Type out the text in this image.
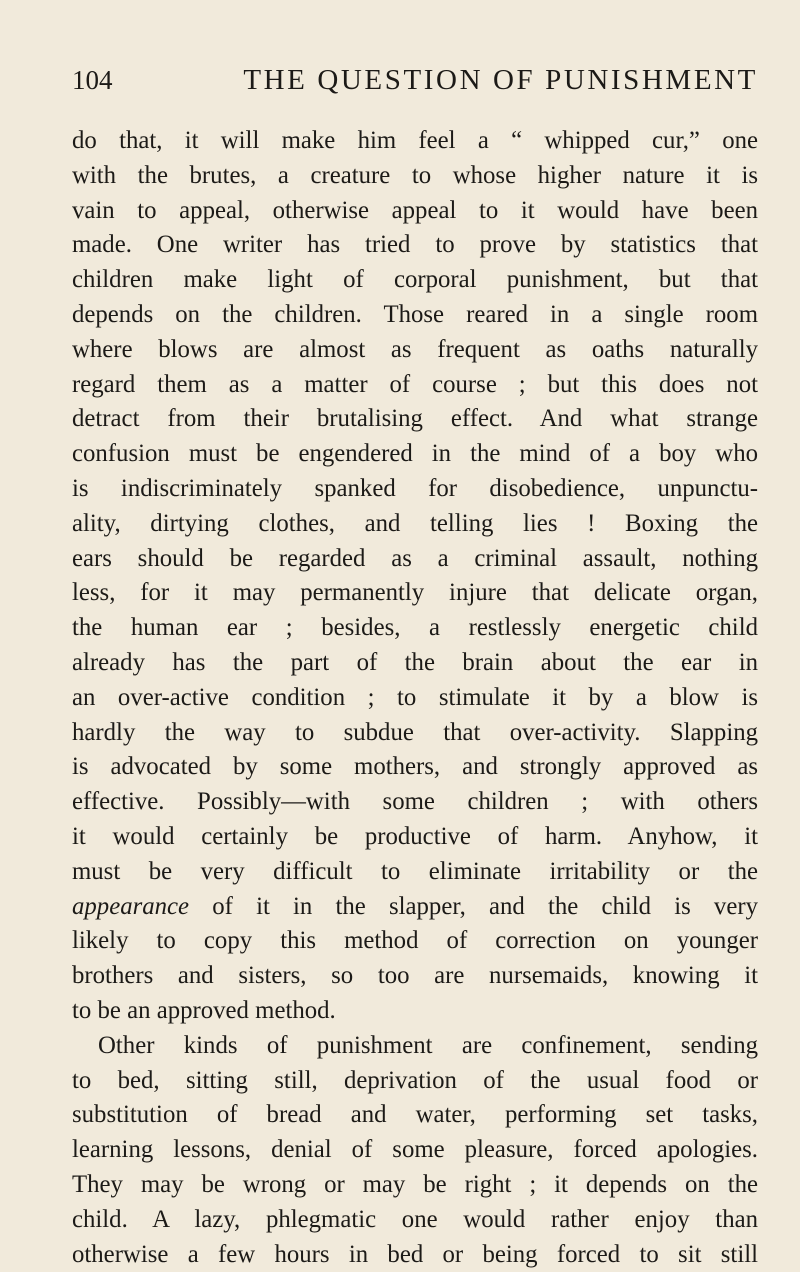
104	THE QUESTION OF PUNISHMENT
do that, it will make him feel a “ whipped cur,” one
with the brutes, a creature to whose higher nature it is
vain to appeal, otherwise appeal to it would have been
made. One writer has tried to prove by statistics that
children make light of corporal punishment, but that
depends on the children. Those reared in a single room
where blows are almost as frequent as oaths naturally
regard them as a matter of course ; but this does not
detract from their brutalising effect. And what strange
confusion must be engendered in the mind of a boy who
is indiscriminately spanked for disobedience, unpunctu-
ality, dirtying clothes, and telling lies ! Boxing the
ears should be regarded as a criminal assault, nothing
less, for it may permanently injure that delicate organ,
the human ear ; besides, a restlessly energetic child
already has the part of the brain about the ear in
an over-active condition ; to stimulate it by a blow is
hardly the way to subdue that over-activity. Slapping
is advocated by some mothers, and strongly approved as
effective. Possibly—with some children ; with others
it would certainly be productive of harm. Anyhow, it
must be very difficult to eliminate irritability or the
appearance of it in the slapper, and the child is very
likely to copy this method of correction on younger
brothers and sisters, so too are nursemaids, knowing it
to be an approved method.
Other kinds of punishment are confinement, sending
to bed, sitting still, deprivation of the usual food or
substitution of bread and water, performing set tasks,
learning lessons, denial of some pleasure, forced apologies.
They may be wrong or may be right ; it depends on the
child. A lazy, phlegmatic one would rather enjoy than
otherwise a few hours in bed or being forced to sit still
